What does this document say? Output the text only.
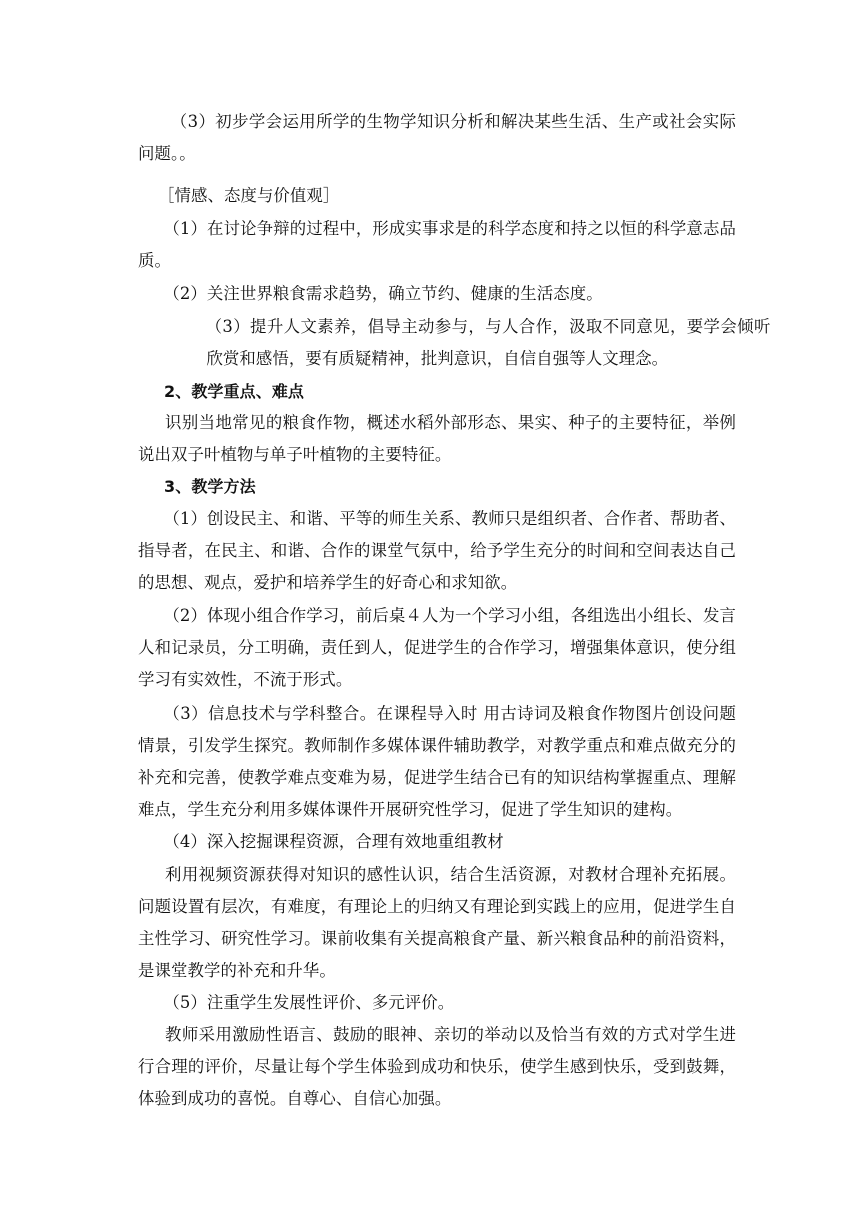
（3）初步学会运用所学的生物学知识分析和解决某些生活、生产或社会实际问题。。

［情感、态度与价值观］

（1）在讨论争辩的过程中，形成实事求是的科学态度和持之以恒的科学意志品质。

（2）关注世界粮食需求趋势，确立节约、健康的生活态度。

（3）提升人文素养，倡导主动参与，与人合作，汲取不同意见，要学会倾听欣赏和感悟，要有质疑精神，批判意识，自信自强等人文理念。

2、教学重点、难点

识别当地常见的粮食作物，概述水稻外部形态、果实、种子的主要特征，举例说出双子叶植物与单子叶植物的主要特征。

3、教学方法

（1）创设民主、和谐、平等的师生关系、教师只是组织者、合作者、帮助者、指导者，在民主、和谐、合作的课堂气氛中，给予学生充分的时间和空间表达自己的思想、观点，爱护和培养学生的好奇心和求知欲。

（2）体现小组合作学习，前后桌４人为一个学习小组，各组选出小组长、发言人和记录员，分工明确，责任到人，促进学生的合作学习，增强集体意识，使分组学习有实效性，不流于形式。

（3）信息技术与学科整合。在课程导入时 用古诗词及粮食作物图片创设问题情景，引发学生探究。教师制作多媒体课件辅助教学，对教学重点和难点做充分的补充和完善，使教学难点变难为易，促进学生结合已有的知识结构掌握重点、理解难点，学生充分利用多媒体课件开展研究性学习，促进了学生知识的建构。

（4）深入挖掘课程资源，合理有效地重组教材

利用视频资源获得对知识的感性认识，结合生活资源，对教材合理补充拓展。问题设置有层次，有难度，有理论上的归纳又有理论到实践上的应用，促进学生自主性学习、研究性学习。课前收集有关提高粮食产量、新兴粮食品种的前沿资料，是课堂教学的补充和升华。

（5）注重学生发展性评价、多元评价。

教师采用激励性语言、鼓励的眼神、亲切的举动以及恰当有效的方式对学生进行合理的评价，尽量让每个学生体验到成功和快乐，使学生感到快乐，受到鼓舞，体验到成功的喜悦。自尊心、自信心加强。
